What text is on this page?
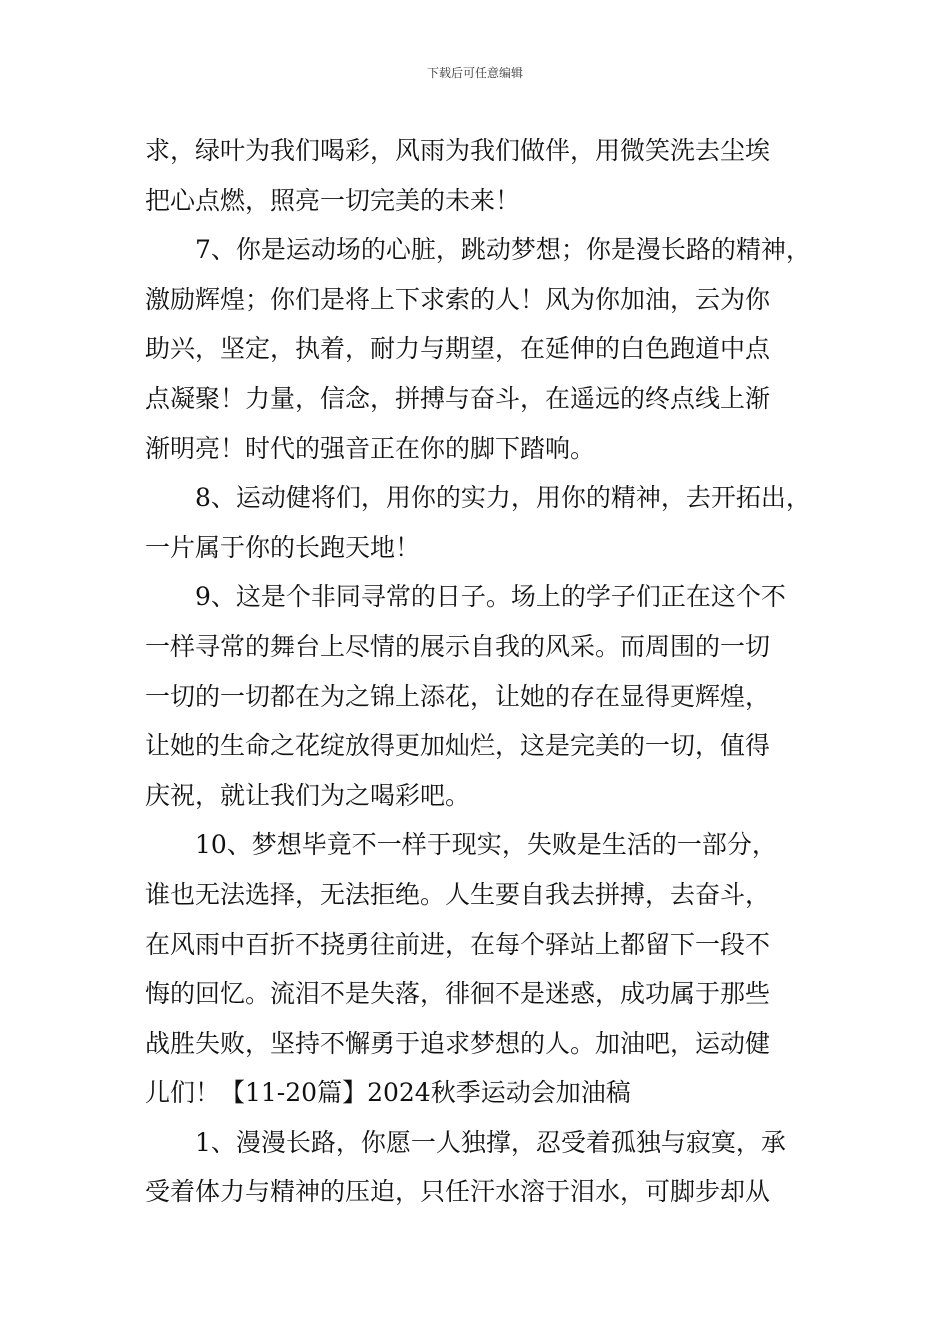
下载后可任意编辑
求，绿叶为我们喝彩，风雨为我们做伴，用微笑洗去尘埃
把心点燃，照亮一切完美的未来！
7、你是运动场的心脏，跳动梦想；你是漫长路的精神，
激励辉煌；你们是将上下求索的人！风为你加油，云为你
助兴，坚定，执着，耐力与期望，在延伸的白色跑道中点
点凝聚！力量，信念，拼搏与奋斗，在遥远的终点线上渐
渐明亮！时代的强音正在你的脚下踏响。
8、运动健将们，用你的实力，用你的精神，去开拓出，
一片属于你的长跑天地！
9、这是个非同寻常的日子。场上的学子们正在这个不
一样寻常的舞台上尽情的展示自我的风采。而周围的一切
一切的一切都在为之锦上添花，让她的存在显得更辉煌，
让她的生命之花绽放得更加灿烂，这是完美的一切，值得
庆祝，就让我们为之喝彩吧。
10、梦想毕竟不一样于现实，失败是生活的一部分，
谁也无法选择，无法拒绝。人生要自我去拼搏，去奋斗，
在风雨中百折不挠勇往前进，在每个驿站上都留下一段不
悔的回忆。流泪不是失落，徘徊不是迷惑，成功属于那些
战胜失败，坚持不懈勇于追求梦想的人。加油吧，运动健
儿们！【11-20篇】2024秋季运动会加油稿
1、漫漫长路，你愿一人独撑，忍受着孤独与寂寞，承
受着体力与精神的压迫，只任汗水溶于泪水，可脚步却从
